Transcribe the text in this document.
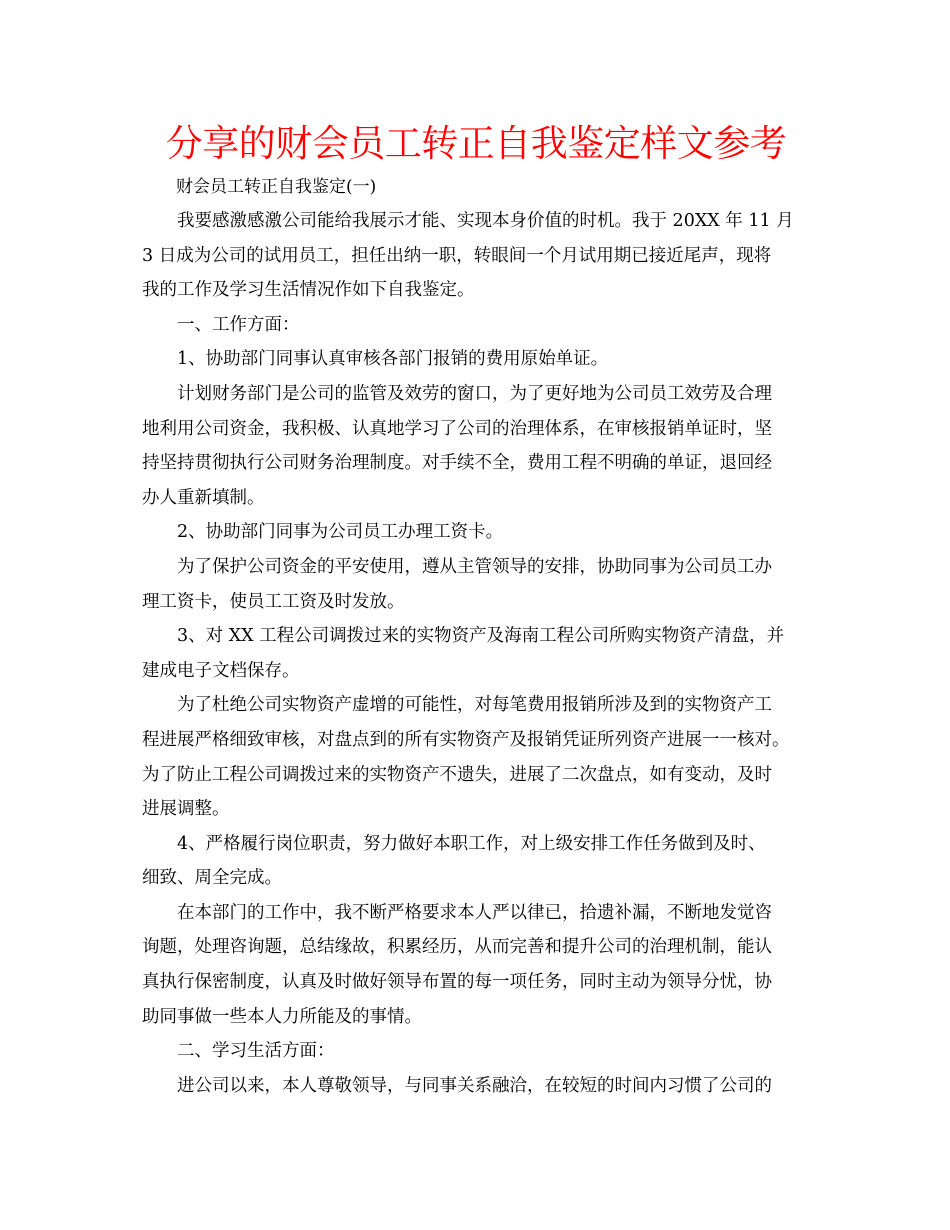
分享的财会员工转正自我鉴定样文参考

财会员工转正自我鉴定(一)

我要感激感激公司能给我展示才能、实现本身价值的时机。我于 20XX 年 11 月
3 日成为公司的试用员工，担任出纳一职，转眼间一个月试用期已接近尾声，现将
我的工作及学习生活情况作如下自我鉴定。

一、工作方面：

1、协助部门同事认真审核各部门报销的费用原始单证。

计划财务部门是公司的监管及效劳的窗口，为了更好地为公司员工效劳及合理
地利用公司资金，我积极、认真地学习了公司的治理体系，在审核报销单证时，坚
持坚持贯彻执行公司财务治理制度。对手续不全，费用工程不明确的单证，退回经
办人重新填制。

2、协助部门同事为公司员工办理工资卡。

为了保护公司资金的平安使用，遵从主管领导的安排，协助同事为公司员工办
理工资卡，使员工工资及时发放。

3、对 XX 工程公司调拨过来的实物资产及海南工程公司所购实物资产清盘，并
建成电子文档保存。

为了杜绝公司实物资产虚增的可能性，对每笔费用报销所涉及到的实物资产工
程进展严格细致审核，对盘点到的所有实物资产及报销凭证所列资产进展一一核对。
为了防止工程公司调拨过来的实物资产不遗失，进展了二次盘点，如有变动，及时
进展调整。

4、严格履行岗位职责，努力做好本职工作，对上级安排工作任务做到及时、
细致、周全完成。

在本部门的工作中，我不断严格要求本人严以律已，拾遗补漏，不断地发觉咨
询题，处理咨询题，总结缘故，积累经历，从而完善和提升公司的治理机制，能认
真执行保密制度，认真及时做好领导布置的每一项任务，同时主动为领导分忧，协
助同事做一些本人力所能及的事情。

二、学习生活方面：

进公司以来，本人尊敬领导，与同事关系融洽，在较短的时间内习惯了公司的
